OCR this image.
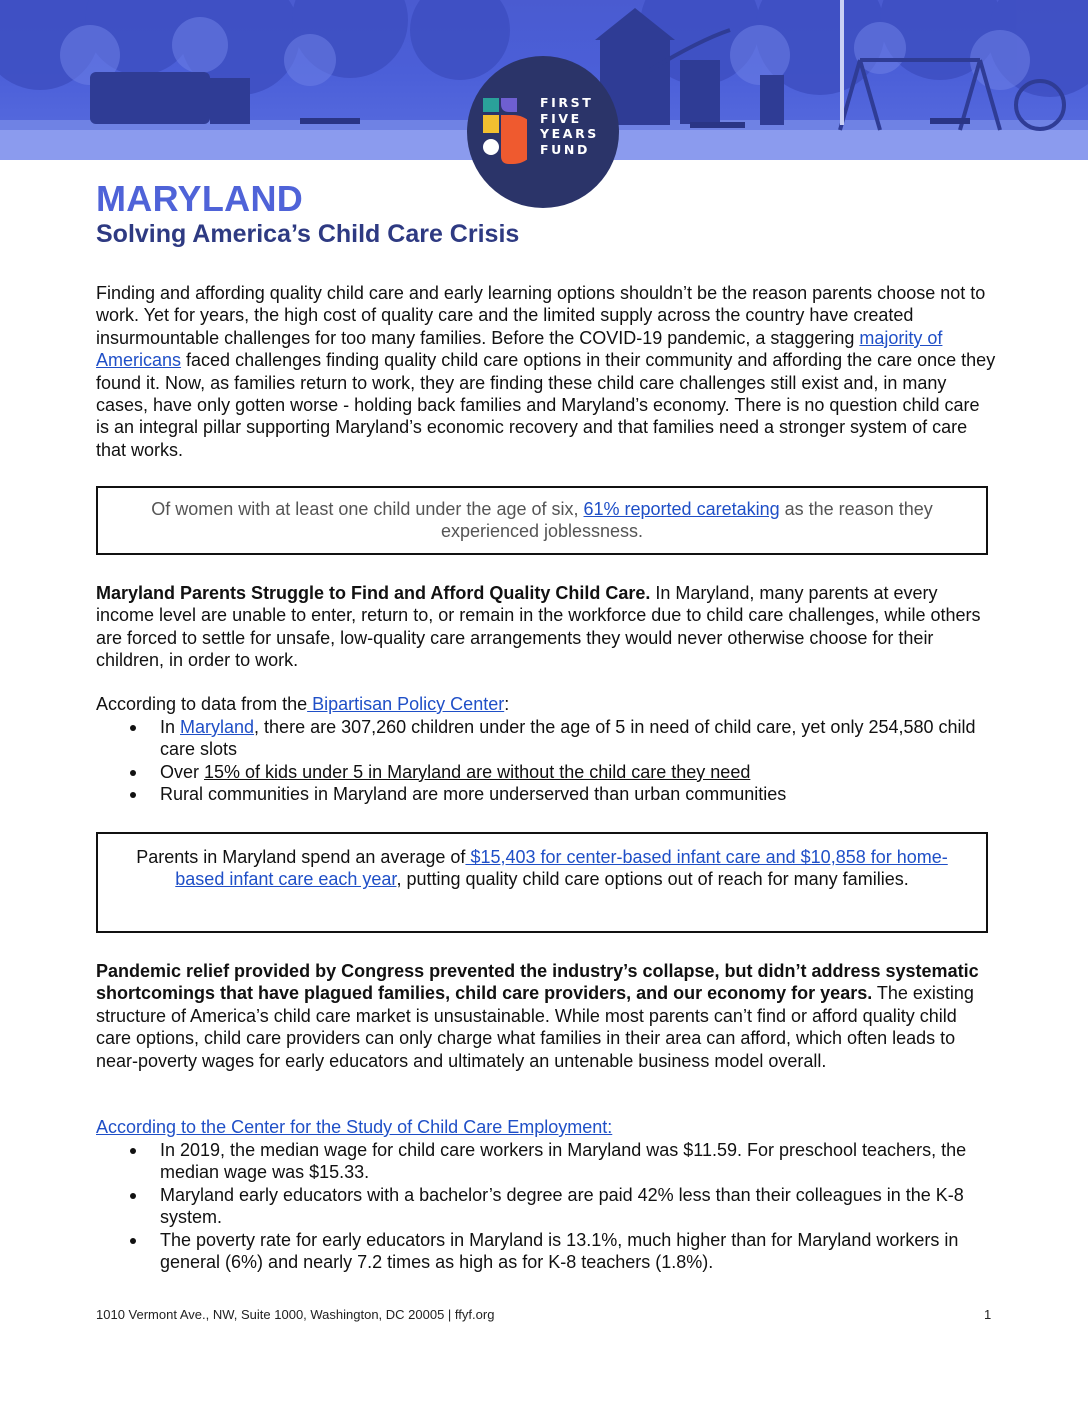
FIRST
FIVE
YEARS
FUND
MARYLAND
Solving America’s Child Care Crisis

Finding and affording quality child care and early learning options shouldn’t be the reason parents choose not to work. Yet for years, the high cost of quality care and the limited supply across the country have created insurmountable challenges for too many families. Before the COVID-19 pandemic, a staggering majority of Americans faced challenges finding quality child care options in their community and affording the care once they found it. Now, as families return to work, they are finding these child care challenges still exist and, in many cases, have only gotten worse - holding back families and Maryland’s economy. There is no question child care is an integral pillar supporting Maryland’s economic recovery and that families need a stronger system of care that works.

Of women with at least one child under the age of six, 61% reported caretaking as the reason they experienced joblessness.

Maryland Parents Struggle to Find and Afford Quality Child Care. In Maryland, many parents at every income level are unable to enter, return to, or remain in the workforce due to child care challenges, while others are forced to settle for unsafe, low-quality care arrangements they would never otherwise choose for their children, in order to work.

According to data from the Bipartisan Policy Center:

In Maryland, there are 307,260 children under the age of 5 in need of child care, yet only 254,580 child care slots
Over 15% of kids under 5 in Maryland are without the child care they need
Rural communities in Maryland are more underserved than urban communities
Parents in Maryland spend an average of $15,403 for center-based infant care and $10,858 for home-based infant care each year, putting quality child care options out of reach for many families.

Pandemic relief provided by Congress prevented the industry’s collapse, but didn’t address systematic shortcomings that have plagued families, child care providers, and our economy for years. The existing structure of America’s child care market is unsustainable. While most parents can’t find or afford quality child care options, child care providers can only charge what families in their area can afford, which often leads to near-poverty wages for early educators and ultimately an untenable business model overall.

According to the Center for the Study of Child Care Employment:

In 2019, the median wage for child care workers in Maryland was $11.59. For preschool teachers, the median wage was $15.33.
Maryland early educators with a bachelor’s degree are paid 42% less than their colleagues in the K-8 system.
The poverty rate for early educators in Maryland is 13.1%, much higher than for Maryland workers in general (6%) and nearly 7.2 times as high as for K-8 teachers (1.8%).
1010 Vermont Ave., NW, Suite 1000, Washington, DC 20005 | ffyf.org	1
